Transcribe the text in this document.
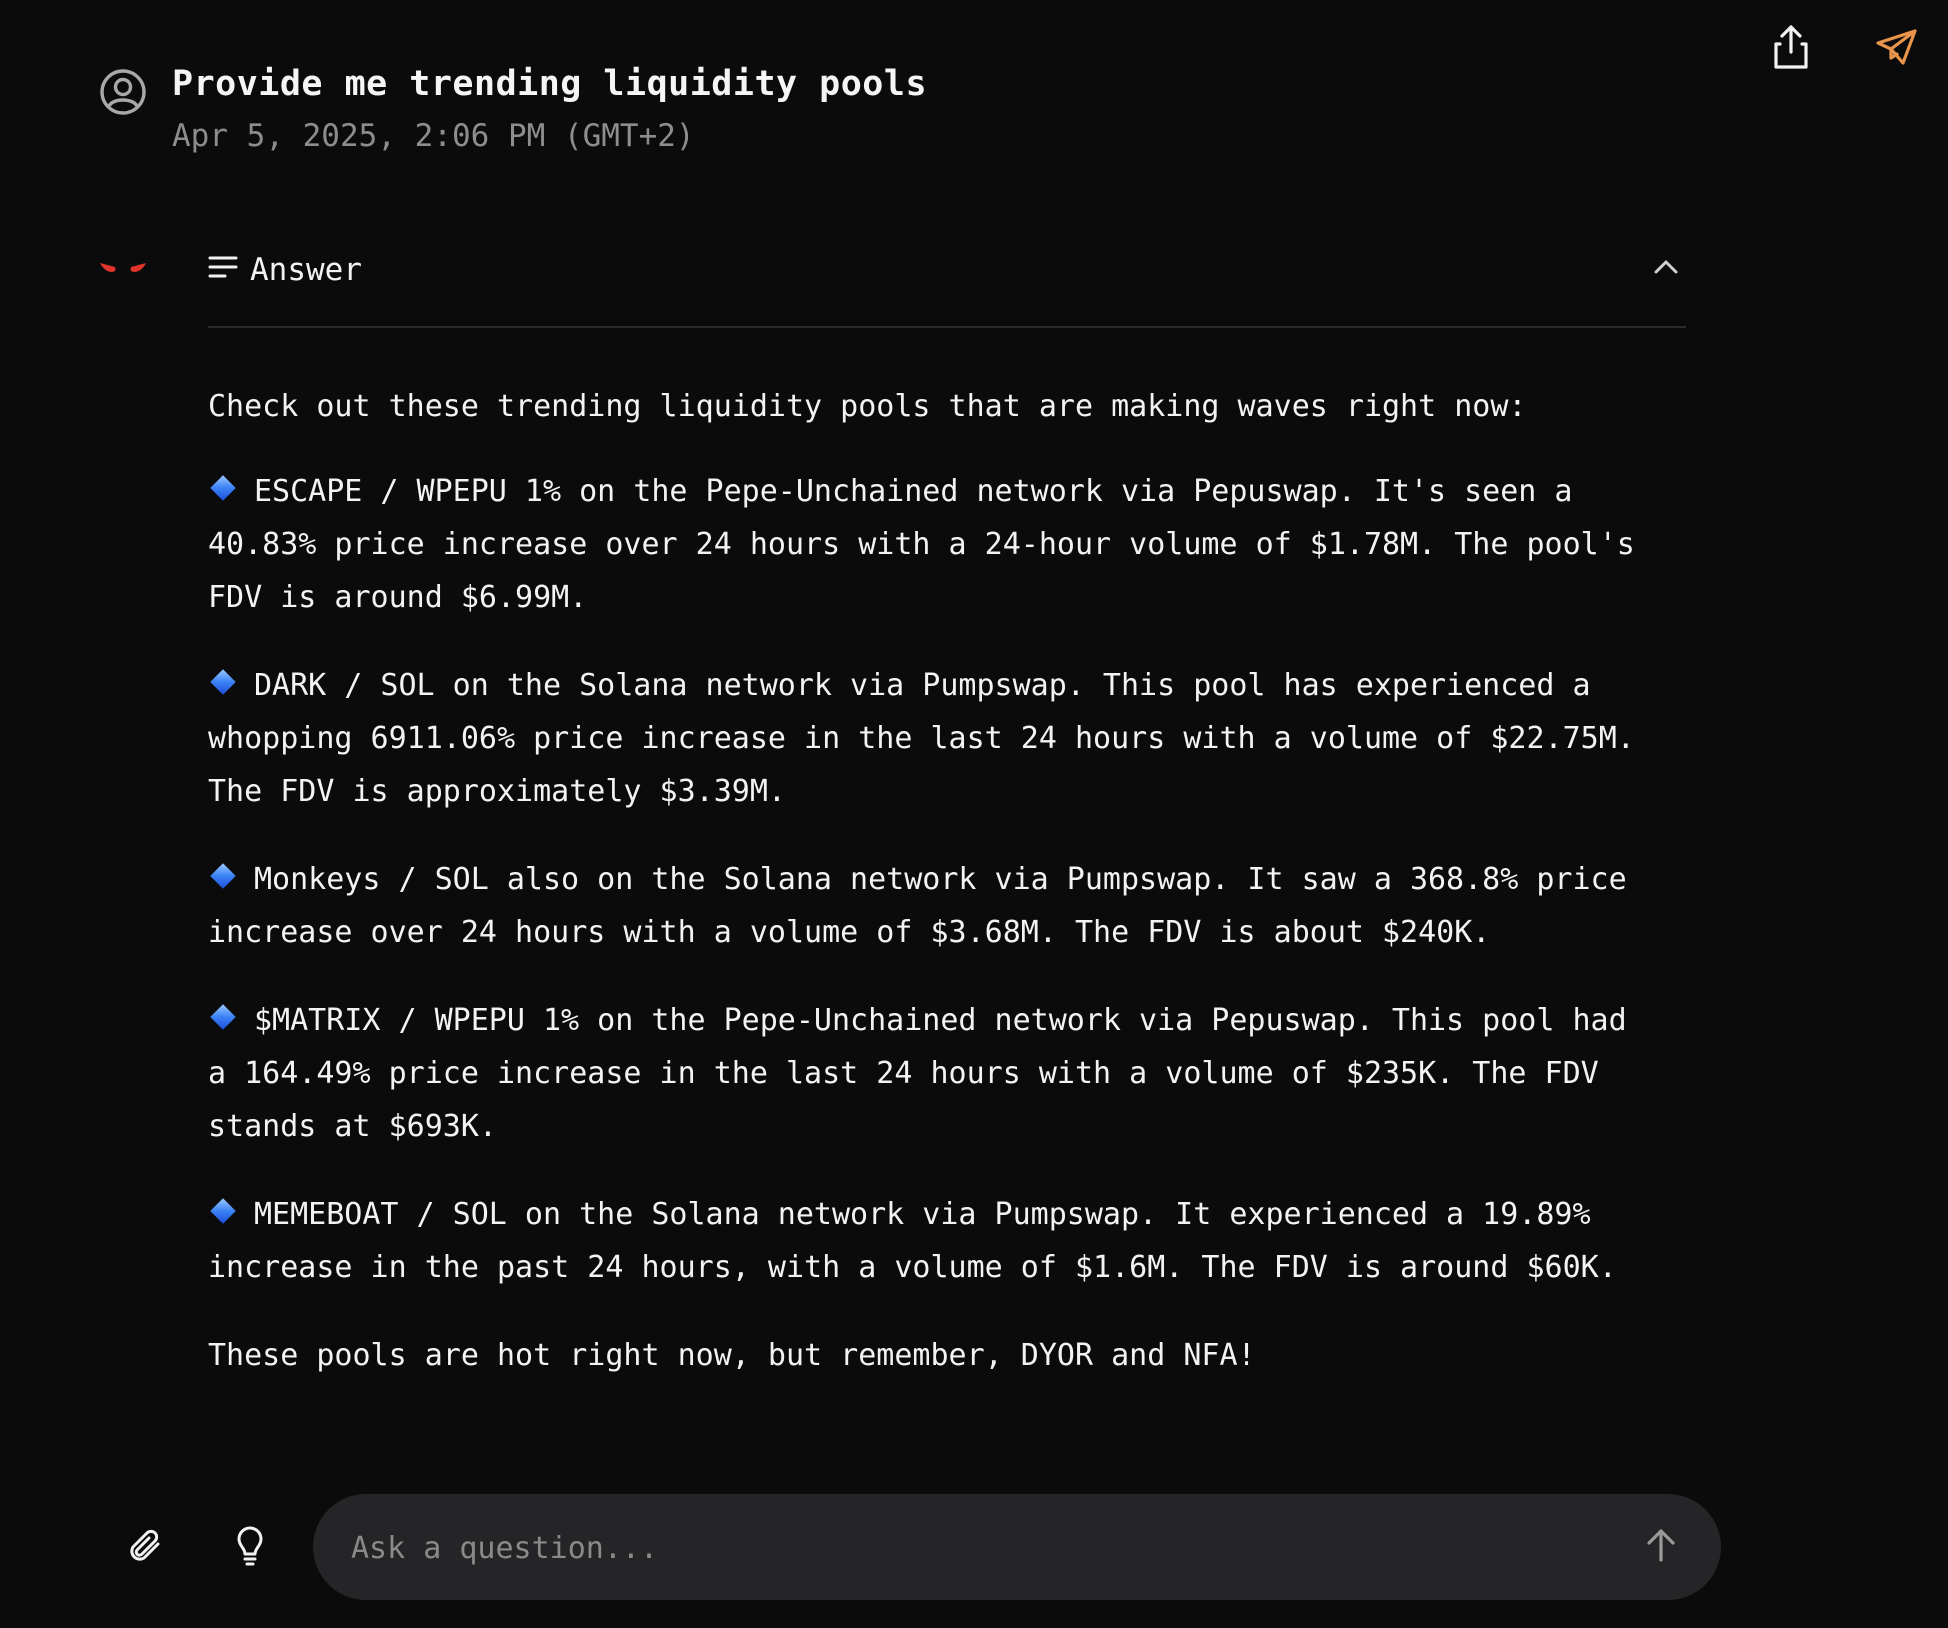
Provide me trending liquidity pools
Apr 5, 2025, 2:06 PM (GMT+2)
Answer

Check out these trending liquidity pools that are making waves right now:

ESCAPE / WPEPU 1% on the Pepe-Unchained network via Pepuswap. It's seen a
40.83% price increase over 24 hours with a 24-hour volume of $1.78M. The pool's
FDV is around $6.99M.

DARK / SOL on the Solana network via Pumpswap. This pool has experienced a
whopping 6911.06% price increase in the last 24 hours with a volume of $22.75M.
The FDV is approximately $3.39M.

Monkeys / SOL also on the Solana network via Pumpswap. It saw a 368.8% price
increase over 24 hours with a volume of $3.68M. The FDV is about $240K.

$MATRIX / WPEPU 1% on the Pepe-Unchained network via Pepuswap. This pool had
a 164.49% price increase in the last 24 hours with a volume of $235K. The FDV
stands at $693K.

MEMEBOAT / SOL on the Solana network via Pumpswap. It experienced a 19.89%
increase in the past 24 hours, with a volume of $1.6M. The FDV is around $60K.

These pools are hot right now, but remember, DYOR and NFA!

Ask a question...
